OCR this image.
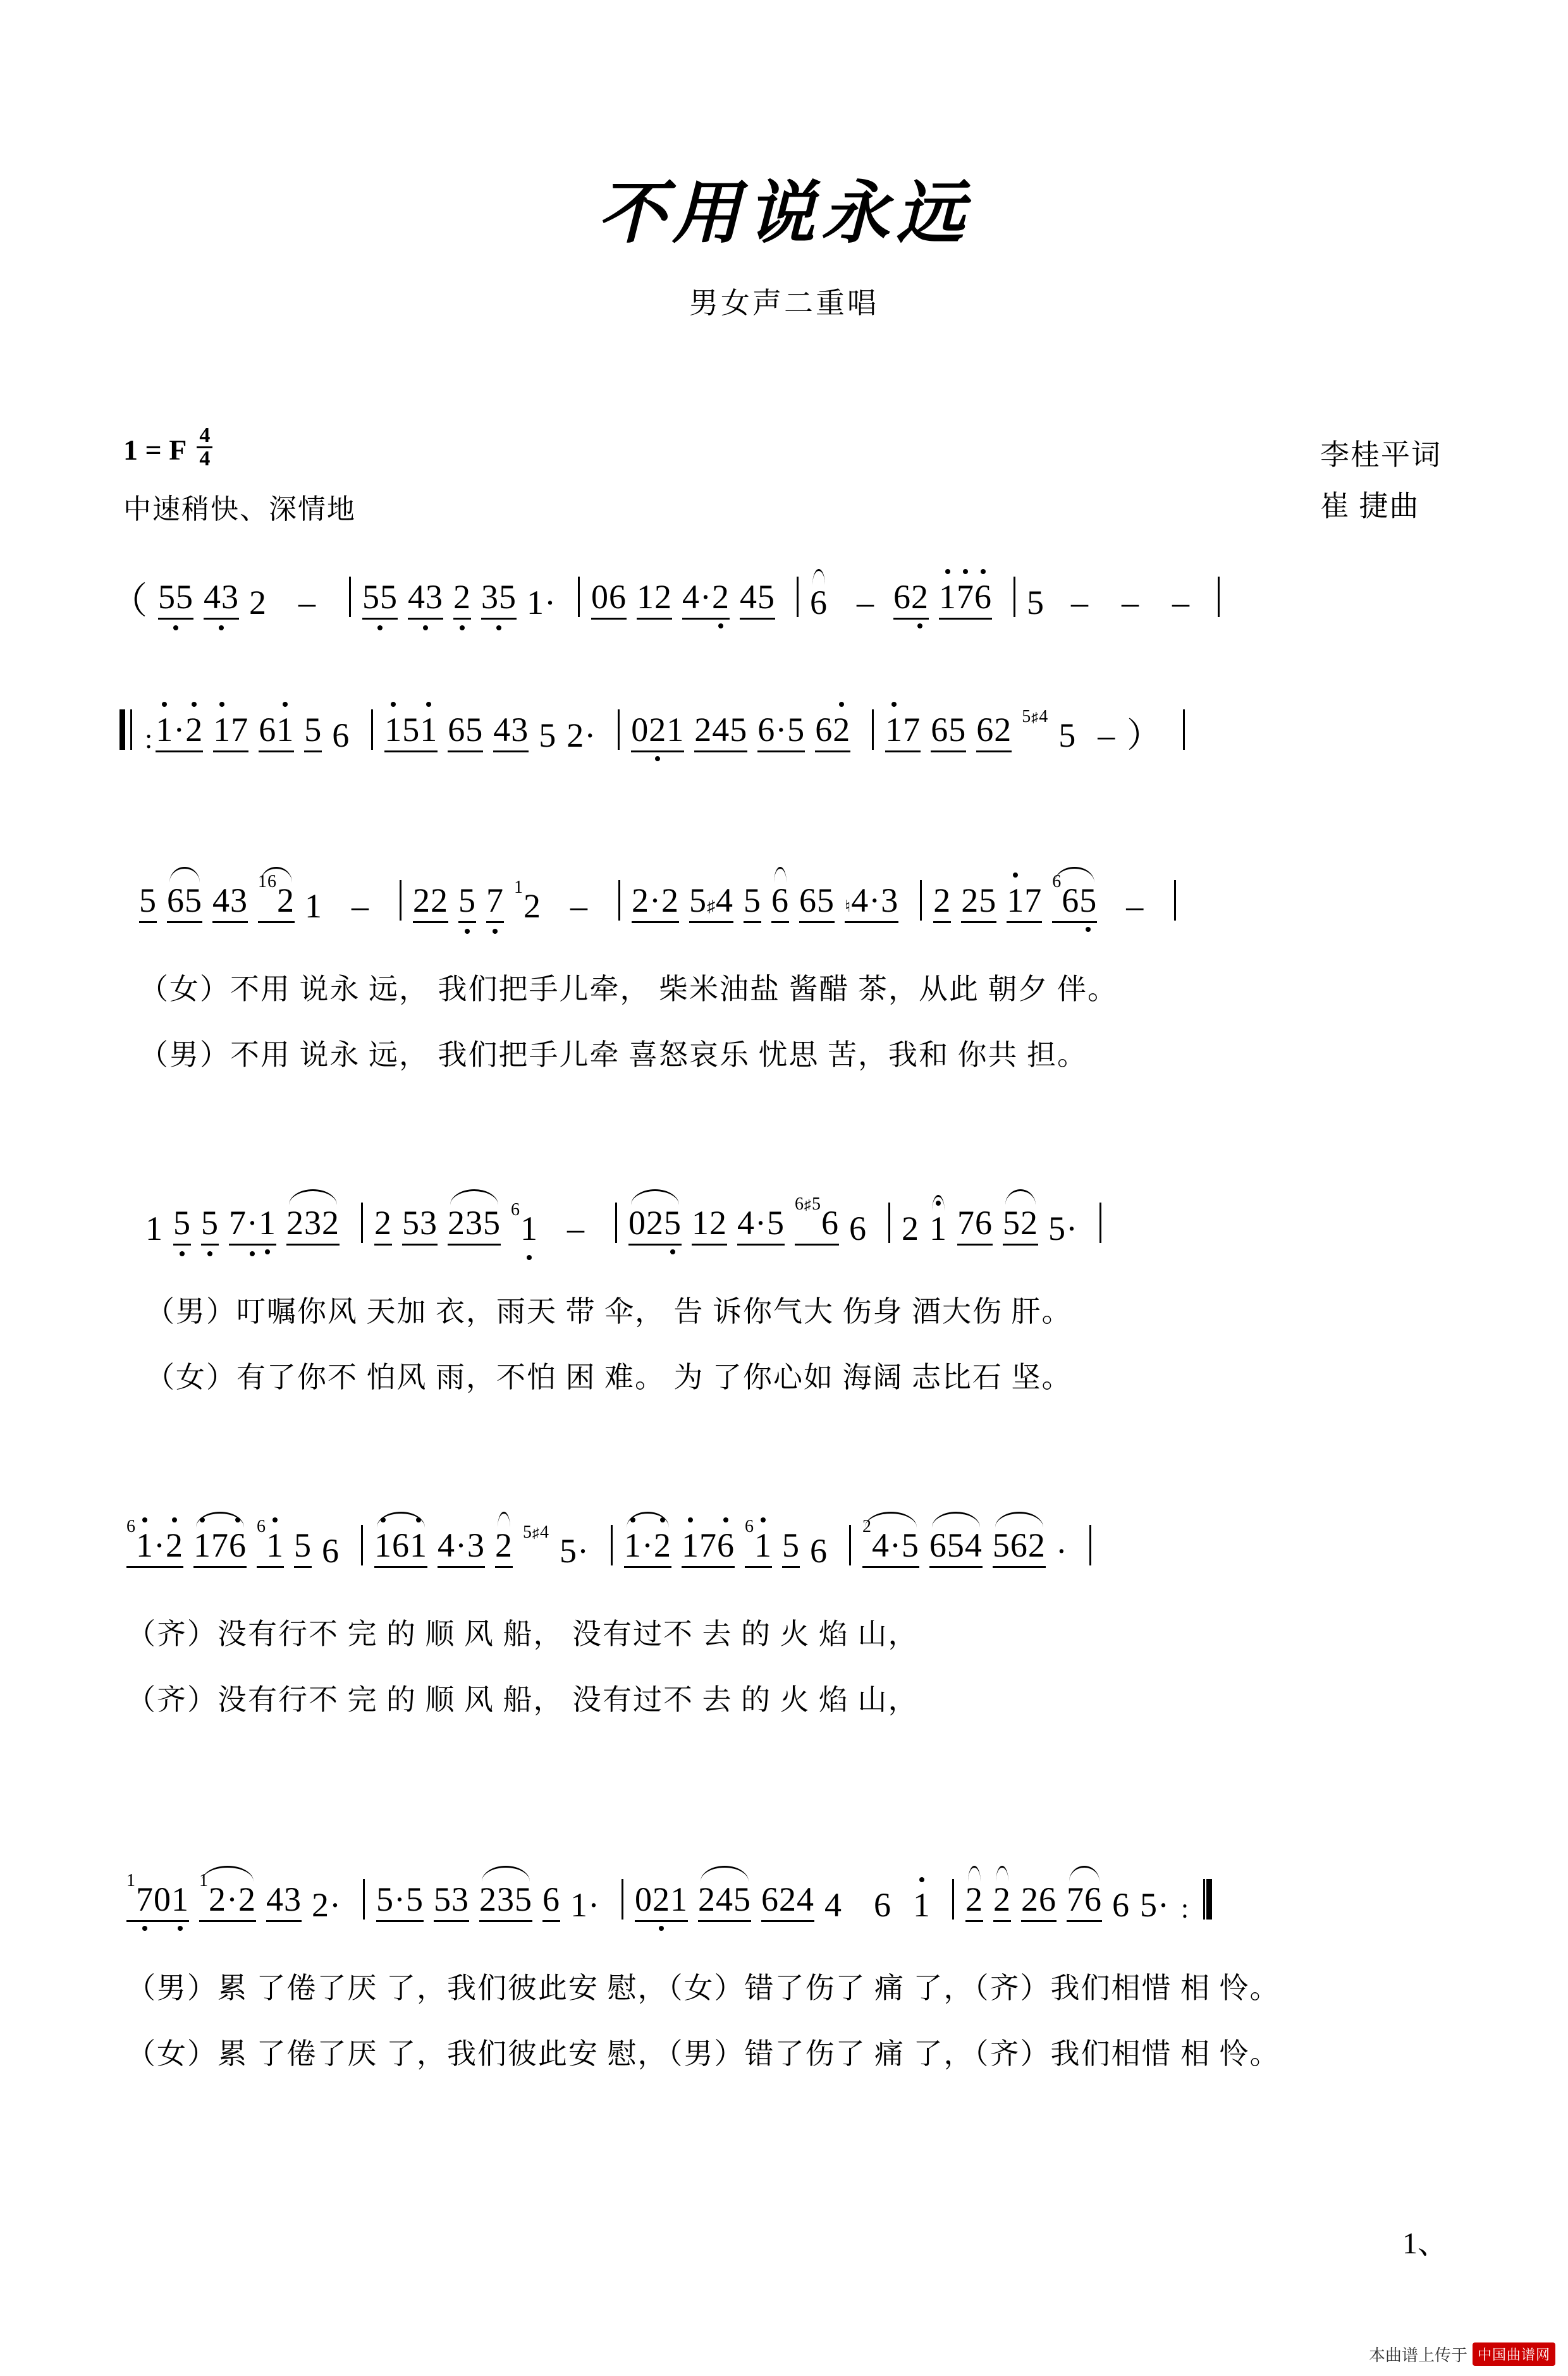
不用说永远
男女声二重唱
1 = F $\frac{4}{4}$
中速稍快、深情地
李桂平词
崔 捷曲
（ 55 43 2 – 55 43 2 35 1· 06 12 4·2 45 6 – 62 176 5 – – –
: 1·2 17 61 5 6 151 65 43 5 2· 021 245 6·5 62 17 65 62 $^{5♯4}$ 5 – ）
5 65 43 $^{16}$2 1 – 22 5 7 $^1$2 – 2·2 5♯4 5 6 65 ♮4·3 2 25 17 $^6$65 –
（女）不用 说永 远， 我们把手儿牵， 柴米油盐 酱醋 茶，从此 朝夕 伴。
（男）不用 说永 远， 我们把手儿牵 喜怒哀乐 忧思 苦，我和 你共 担。
1 5 5 7·1 232 2 53 235 $^6$1 – 025 12 4·5 $^{6♯5}$6 6 2 1 76 52 5·
（男）叮嘱你风 天加 衣，雨天 带 伞， 告 诉你气大 伤身 酒大伤 肝。
（女）有了你不 怕风 雨，不怕 困 难。 为 了你心如 海阔 志比石 坚。
$^6$1·2 176 $^6$1 5 6 161 4·3 2 $^{5♯4}$ 5· 1·2 176 $^6$1 5 6
$^2$4·5 654 562 ·
（齐）没有行不 完 的 顺 风 船， 没有过不 去 的 火 焰 山，
（齐）没有行不 完 的 顺 风 船， 没有过不 去 的 火 焰 山，
$^1$701 $^1$2·2 43 2· 5·5 53 235 6 1· 021 245 624 4 6 1 2 2 26 76 6 5· :
（男）累 了倦了厌 了，我们彼此安 慰，（女）错了伤了 痛 了，（齐）我们相惜 相 怜。
（女）累 了倦了厌 了，我们彼此安 慰，（男）错了伤了 痛 了，（齐）我们相惜 相 怜。
1、
本曲谱上传于 中国曲谱网
